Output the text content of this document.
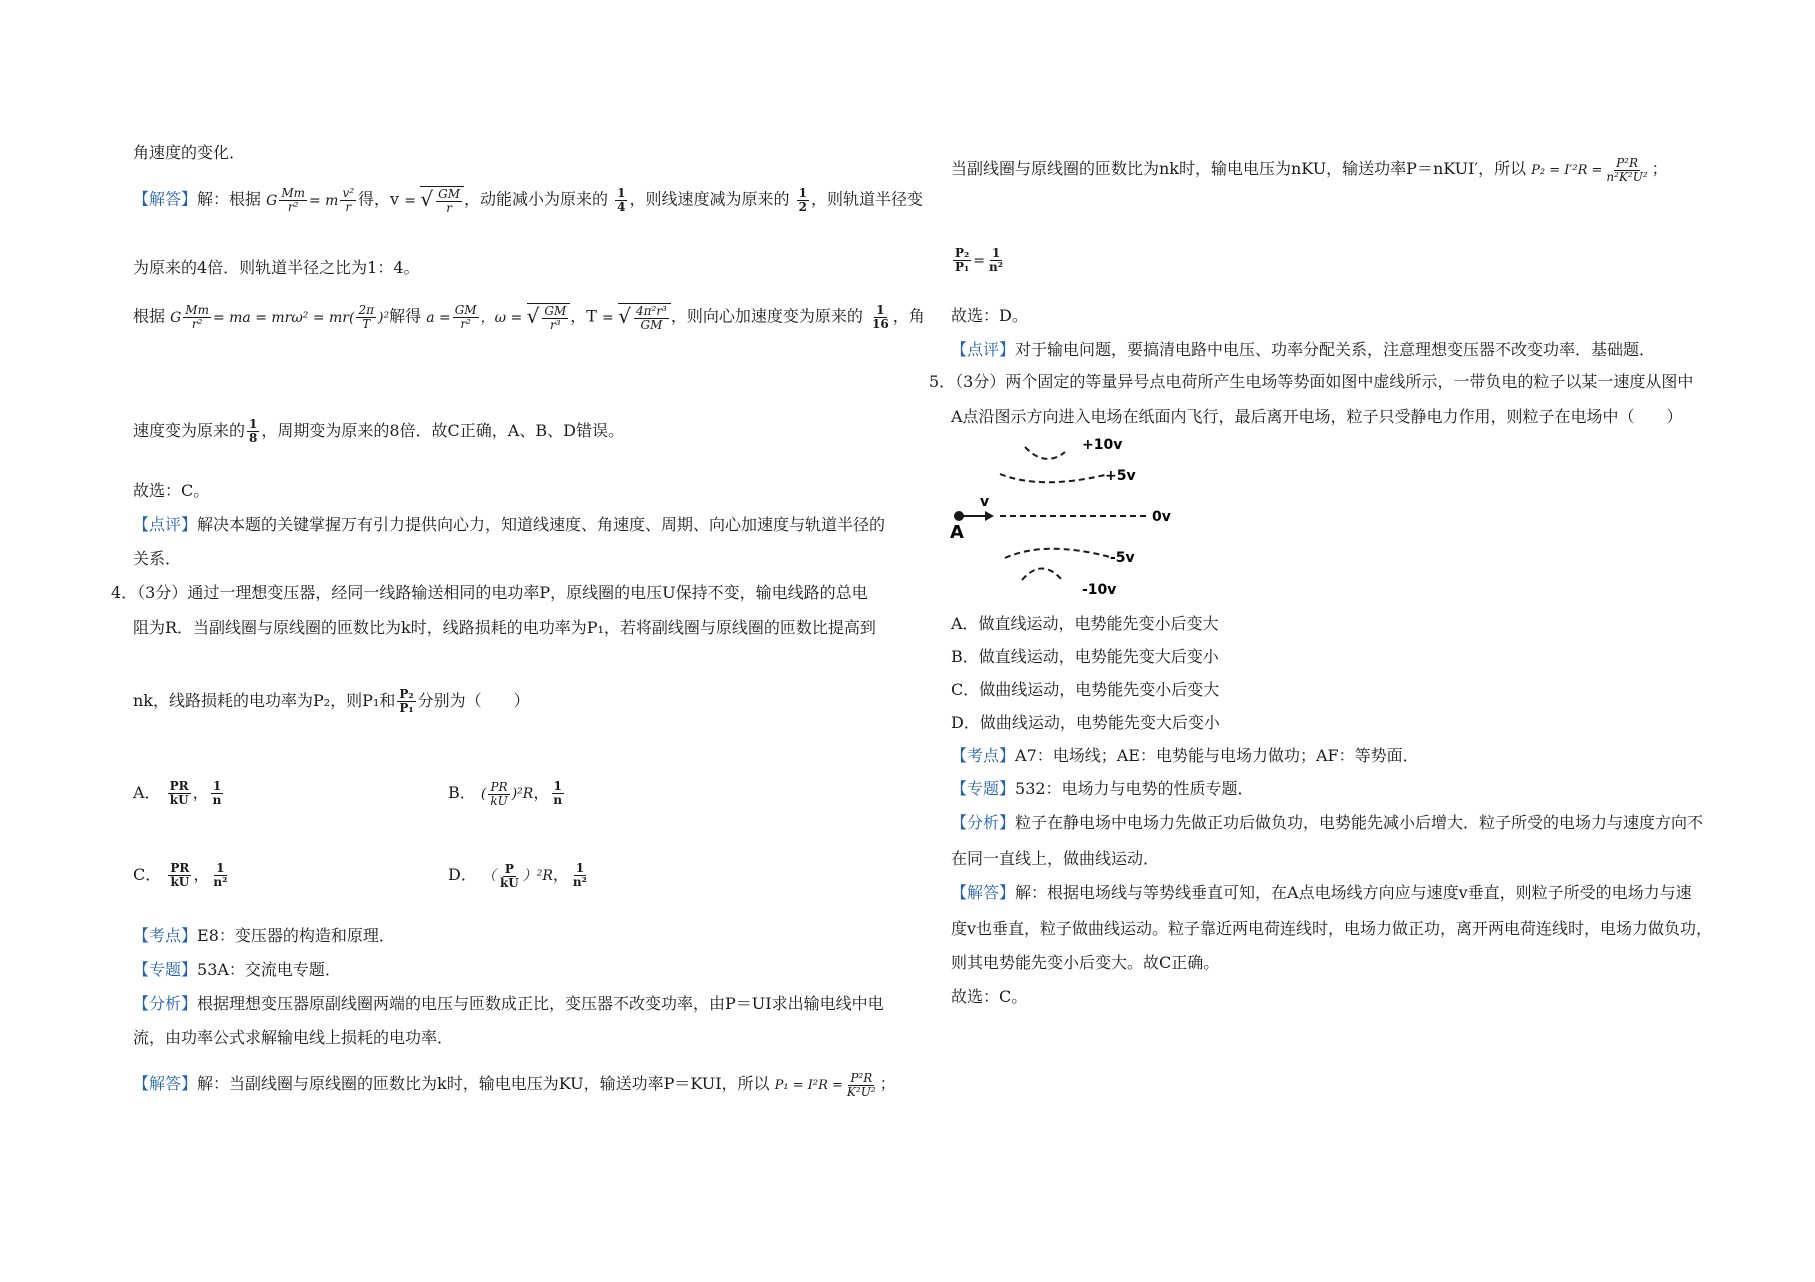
角速度的变化．
【解答】解：根据 G $\frac{Mm}{\text{r²}} = m \frac{\text{v²}}{r}$ 得，v = √ $\frac{GM}{r}$ ，动能减小为原来的 $\frac{1}{4}$ ，则线速度减为原来的 $\frac{1}{2}$ ，则轨道半径变
为原来的4倍．则轨道半径之比为1：4。
根据 G $\frac{Mm}{\text{r²}}$ = ma = $mr\omega^2 = mr( \frac{2\pi}{T} )^2$解得 $a = \frac{GM}{\text{r²}}$ ，ω = √ $\frac{GM}{\text{r³}}$ ，T = √ $\frac{\text{4π²r³}}{GM}$ ，则向心加速度变为原来的 $\frac{1}{16}$ ，角
速度变为原来的 $\frac{1}{8}$ ，周期变为原来的8倍．故C正确，A、B、D错误。
故选：C。
【点评】解决本题的关键掌握万有引力提供向心力，知道线速度、角速度、周期、向心加速度与轨道半径的
关系．
4．（3分）通过一理想变压器，经同一线路输送相同的电功率P，原线圈的电压U保持不变，输电线路的总电
阻为R．当副线圈与原线圈的匝数比为k时，线路损耗的电功率为P₁，若将副线圈与原线圈的匝数比提高到
nk，线路损耗的电功率为P₂，则P₁和 $\frac{\text{P₂}}{\text{P₁}}$ 分别为（　　）
A． $\frac{PR}{kU}$ ， $\frac{1}{n}$	B． ( $\frac{PR}{kU} )^2R$， $\frac{1}{n}$
C． $\frac{PR}{kU}$ ， $\frac{1}{\text{n²}}$	D． （ $\frac{P}{kU} )^2R$， $\frac{1}{\text{n²}}$
【考点】E8：变压器的构造和原理．
【专题】53A：交流电专题．
【分析】根据理想变压器原副线圈两端的电压与匝数成正比，变压器不改变功率，由P＝UI求出输电线中电
流，由功率公式求解输电线上损耗的电功率．
【解答】解：当副线圈与原线圈的匝数比为k时，输电电压为KU，输送功率P＝KUI，所以 $P_1 = I^2R = \frac{\text{P²R}}{\text{K²U²}}$ ；
当副线圈与原线圈的匝数比为nk时，输电电压为nKU，输送功率P＝nKUI′，所以 $P_2 = I'^2R = \frac{\text{P²R}}{\text{n²K²U²}}$ ；
$\frac{\text{P₂}}{\text{P₁}} = \frac{1}{\text{n²}}$
故选：D。
【点评】对于输电问题，要搞清电路中电压、功率分配关系，注意理想变压器不改变功率．基础题．
5．（3分）两个固定的等量异号点电荷所产生电场等势面如图中虚线所示，一带负电的粒子以某一速度从图中
A点沿图示方向进入电场在纸面内飞行，最后离开电场，粒子只受静电力作用，则粒子在电场中（　　）
+10v
+5v
0v
A
v
-5v
-10v
A．做直线运动，电势能先变小后变大
B．做直线运动，电势能先变大后变小
C．做曲线运动，电势能先变小后变大
D．做曲线运动，电势能先变大后变小
【考点】A7：电场线；AE：电势能与电场力做功；AF：等势面．
【专题】532：电场力与电势的性质专题．
【分析】粒子在静电场中电场力先做正功后做负功，电势能先减小后增大．粒子所受的电场力与速度方向不
在同一直线上，做曲线运动．
【解答】解：根据电场线与等势线垂直可知，在A点电场线方向应与速度v垂直，则粒子所受的电场力与速
度v也垂直，粒子做曲线运动。粒子靠近两电荷连线时，电场力做正功，离开两电荷连线时，电场力做负功，
则其电势能先变小后变大。故C正确。
故选：C。
